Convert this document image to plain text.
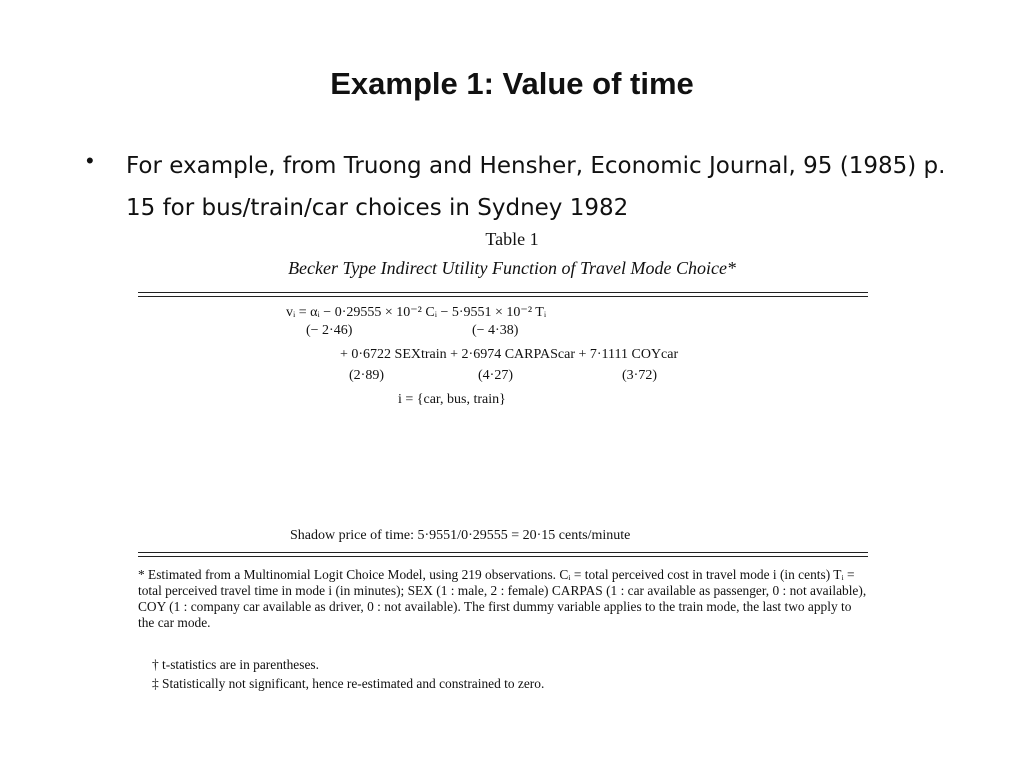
Example 1: Value of time
• For example, from Truong and Hensher, Economic Journal, 95 (1985) p. 15 for bus/train/car choices in Sydney 1982
Table 1
Becker Type Indirect Utility Function of Travel Mode Choice*
vᵢ = αᵢ − 0·29555 × 10⁻² Cᵢ − 5·9551 × 10⁻² Tᵢ
(− 2·46)	(− 4·38)
+ 0·6722 SEXtrain + 2·6974 CARPAScar + 7·1111 COYcar
(2·89)	(4·27)	(3·72)
i = {car, bus, train}
Shadow price of time: 5·9551/0·29555 = 20·15 cents/minute

* Estimated from a Multinomial Logit Choice Model, using 219 observations. Cᵢ = total perceived cost in travel mode i (in cents) Tᵢ = total perceived travel time in mode i (in minutes); SEX (1 : male, 2 : female) CARPAS (1 : car available as passenger, 0 : not available), COY (1 : company car available as driver, 0 : not available). The first dummy variable applies to the train mode, the last two apply to the car mode.

† t-statistics are in parentheses.
‡ Statistically not significant, hence re-estimated and constrained to zero.
